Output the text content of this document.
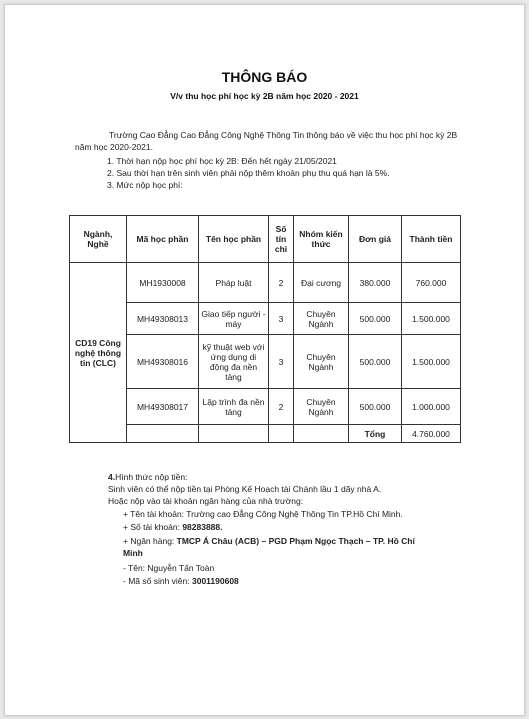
THÔNG BÁO
V/v thu học phí học kỳ 2B năm học 2020 - 2021
Trường Cao Đẳng Cao Đẳng Công Nghệ Thông Tin thông báo về việc thu học phí học kỳ 2B năm học 2020-2021.
1. Thời hạn nộp học phí học kỳ 2B: Đến hết ngày 21/05/2021
2. Sau thời hạn trên sinh viên phải nộp thêm khoản phụ thu quá hạn là 5%.
3. Mức nộp học phí:
Ngành, Nghề	Mã học phần	Tên học phần	Số tín chỉ	Nhóm kiến thức	Đơn giá	Thành tiền
CD19 Công nghệ thông tin (CLC)	MH1930008	Pháp luật	2	Đại cương	380.000	760.000
	MH49308013	Giao tiếp người - máy	3	Chuyên Ngành	500.000	1.500.000
	MH49308016	kỹ thuật web với ứng dụng di động đa nền tảng	3	Chuyên Ngành	500.000	1.500.000
	MH49308017	Lập trình đa nền tảng	2	Chuyên Ngành	500.000	1.000.000
					Tổng	4.760.000
4.Hình thức nộp tiền:
Sinh viên có thể nộp tiền tại Phòng Kế Hoạch tài Chánh lầu 1 dãy nhà A.
Hoặc nộp vào tài khoản ngân hàng của nhà trường:
+ Tên tài khoản: Trường cao Đẳng Công Nghệ Thông Tin TP.Hồ Chí Minh.
+ Số tài khoản: 98283888.
+ Ngân hàng: TMCP Á Châu (ACB) – PGD Phạm Ngọc Thạch – TP. Hồ Chí
Minh
- Tên: Nguyễn Tấn Toàn
- Mã số sinh viên: 3001190608
